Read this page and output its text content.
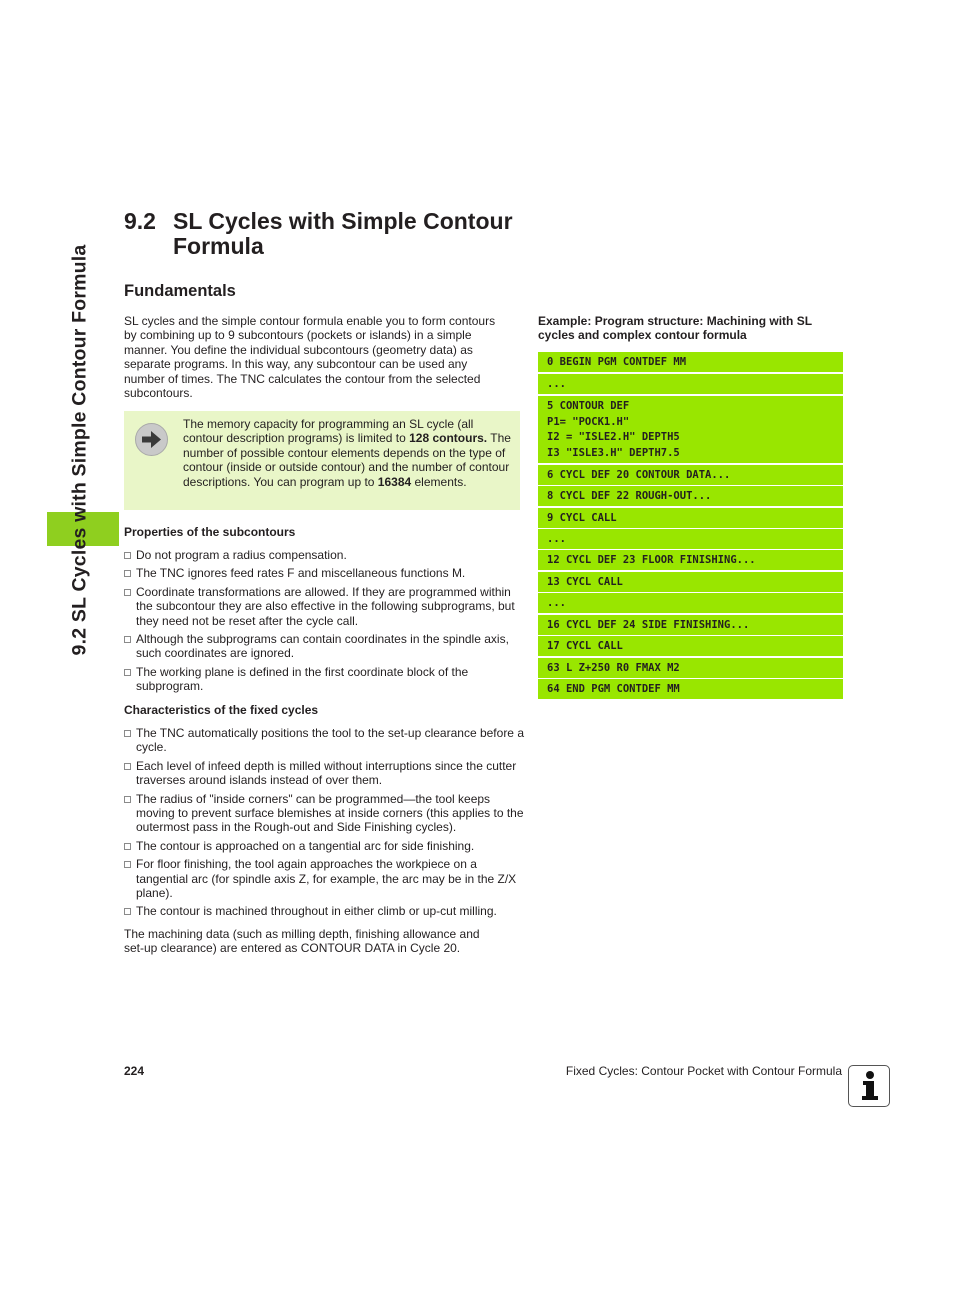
9.2 SL Cycles with Simple Contour Formula
9.2 SL Cycles with Simple Contour
Formula
Fundamentals
SL cycles and the simple contour formula enable you to form contours
by combining up to 9 subcontours (pockets or islands) in a simple
manner. You define the individual subcontours (geometry data) as
separate programs. In this way, any subcontour can be used any
number of times. The TNC calculates the contour from the selected
subcontours.
The memory capacity for programming an SL cycle (all contour description programs) is limited to 128 contours. The number of possible contour elements depends on the type of contour (inside or outside contour) and the number of contour descriptions. You can program up to 16384 elements.
Properties of the subcontours
Do not program a radius compensation.
The TNC ignores feed rates F and miscellaneous functions M.
Coordinate transformations are allowed. If they are programmed within the subcontour they are also effective in the following subprograms, but they need not be reset after the cycle call.
Although the subprograms can contain coordinates in the spindle axis, such coordinates are ignored.
The working plane is defined in the first coordinate block of the subprogram.
Characteristics of the fixed cycles
The TNC automatically positions the tool to the set-up clearance before a cycle.
Each level of infeed depth is milled without interruptions since the cutter traverses around islands instead of over them.
The radius of "inside corners" can be programmed—the tool keeps moving to prevent surface blemishes at inside corners (this applies to the outermost pass in the Rough-out and Side Finishing cycles).
The contour is approached on a tangential arc for side finishing.
For floor finishing, the tool again approaches the workpiece on a tangential arc (for spindle axis Z, for example, the arc may be in the Z/X plane).
The contour is machined throughout in either climb or up-cut milling.
The machining data (such as milling depth, finishing allowance and
set-up clearance) are entered as CONTOUR DATA in Cycle 20.

Example: Program structure: Machining with SL cycles and complex contour formula

0 BEGIN PGM CONTDEF MM
...
5 CONTOUR DEF
P1= "POCK1.H"
I2 = "ISLE2.H" DEPTH5
I3 "ISLE3.H" DEPTH7.5
6 CYCL DEF 20 CONTOUR DATA...
8 CYCL DEF 22 ROUGH-OUT...
9 CYCL CALL
...
12 CYCL DEF 23 FLOOR FINISHING...
13 CYCL CALL
...
16 CYCL DEF 24 SIDE FINISHING...
17 CYCL CALL
63 L Z+250 R0 FMAX M2
64 END PGM CONTDEF MM
224	Fixed Cycles: Contour Pocket with Contour Formula
